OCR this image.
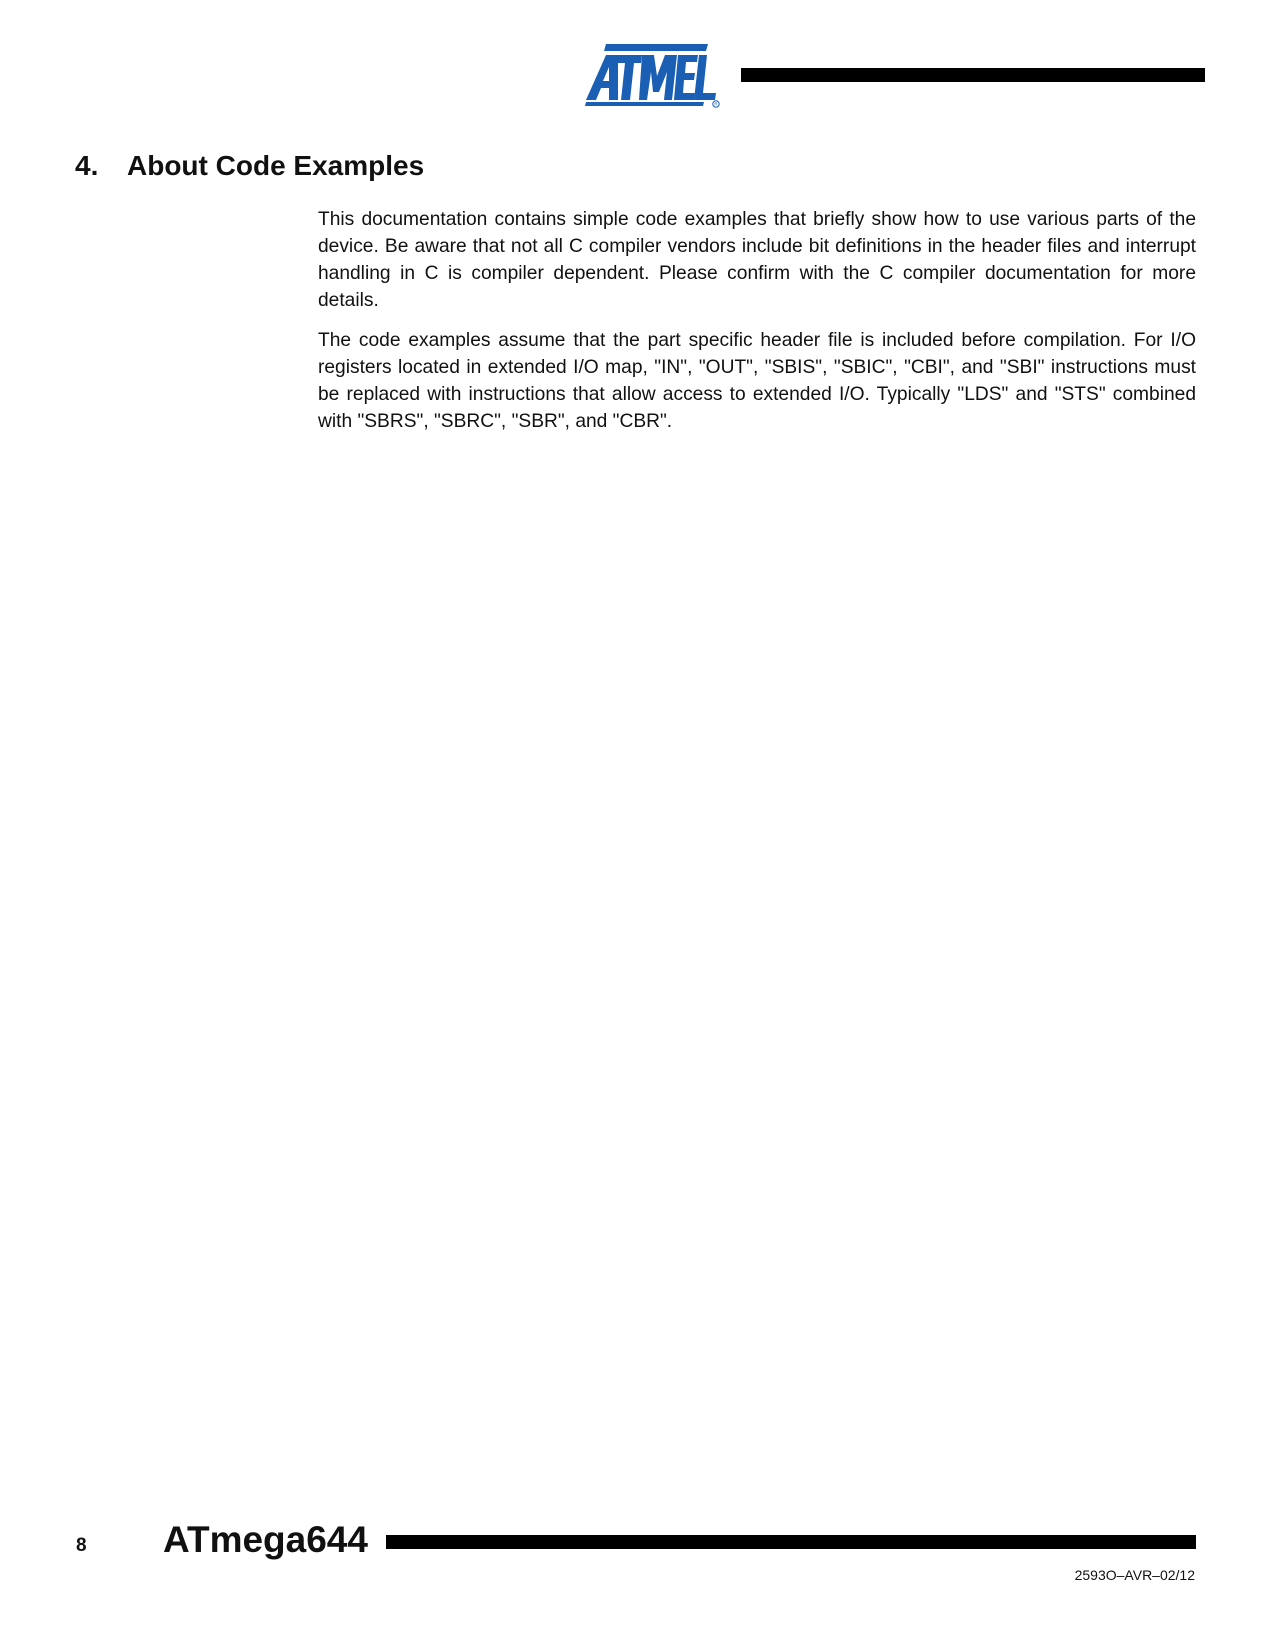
R
4. About Code Examples

This documentation contains simple code examples that briefly show how to use various parts of the device. Be aware that not all C compiler vendors include bit definitions in the header files and interrupt handling in C is compiler dependent. Please confirm with the C compiler documentation for more details.

The code examples assume that the part specific header file is included before compilation. For I/O registers located in extended I/O map, "IN", "OUT", "SBIS", "SBIC", "CBI", and "SBI" instructions must be replaced with instructions that allow access to extended I/O. Typically "LDS" and "STS" combined with "SBRS", "SBRC", "SBR", and "CBR".

8 ATmega644
2593O–AVR–02/12
